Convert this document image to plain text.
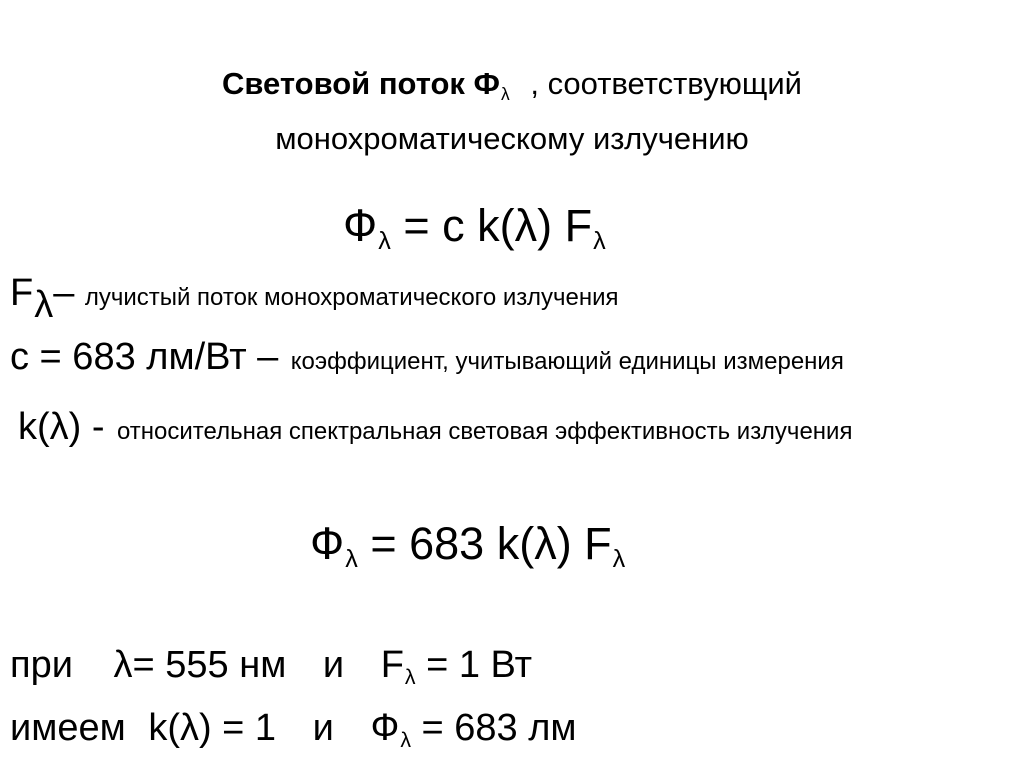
Световой поток Фλ , соответствующий
монохроматическому излучению
Фλ = c k(λ) Fλ
Fλ– лучистый поток монохроматического излучения
c = 683 лм/Вт – коэффициент, учитывающий единицы измерения
k(λ) - относительная спектральная световая эффективность излучения
Фλ = 683 k(λ) Fλ
при λ= 555 нм и Fλ = 1 Вт
имеем k(λ) = 1 и Фλ = 683 лм
